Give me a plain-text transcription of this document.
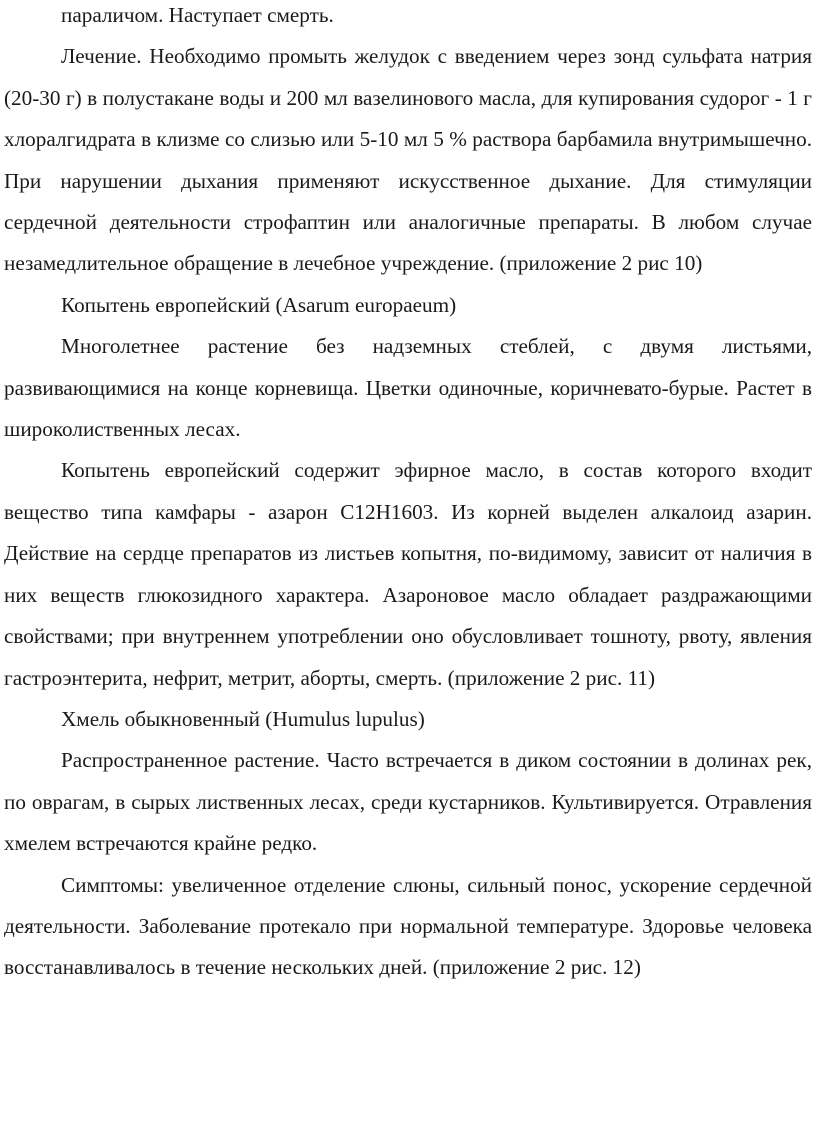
параличом. Наступает смерть.

Лечение. Необходимо промыть желудок с введением через зонд сульфата натрия (20-30 г) в полустакане воды и 200 мл вазелинового масла, для купирования судорог - 1 г хлоралгидрата в клизме со слизью или 5-10 мл 5 % раствора барбамила внутримышечно. При нарушении дыхания применяют искусственное дыхание. Для стимуляции сердечной деятельности строфаптин или аналогичные препараты. В любом случае незамедлительное обращение в лечебное учреждение. (приложение 2 рис 10)

Копытень европейский (Asarum europaeum)

Многолетнее растение без надземных стеблей, с двумя листьями, развивающимися на конце корневища. Цветки одиночные, коричневато-бурые. Растет в широколиственных лесах.

Копытень европейский содержит эфирное масло, в состав которого входит вещество типа камфары - азарон C12H1603. Из корней выделен алкалоид азарин. Действие на сердце препаратов из листьев копытня, по-видимому, зависит от наличия в них веществ глюкозидного характера. Азароновое масло обладает раздражающими свойствами; при внутреннем употреблении оно обусловливает тошноту, рвоту, явления гастроэнтерита, нефрит, метрит, аборты, смерть. (приложение 2 рис. 11)

Хмель обыкновенный (Humulus lupulus)

Распространенное растение. Часто встречается в диком состоянии в долинах рек, по оврагам, в сырых лиственных лесах, среди кустарников. Культивируется. Отравления хмелем встречаются крайне редко.

Симптомы: увеличенное отделение слюны, сильный понос, ускорение сердечной деятельности. Заболевание протекало при нормальной температуре. Здоровье человека восстанавливалось в течение нескольких дней. (приложение 2 рис. 12)
